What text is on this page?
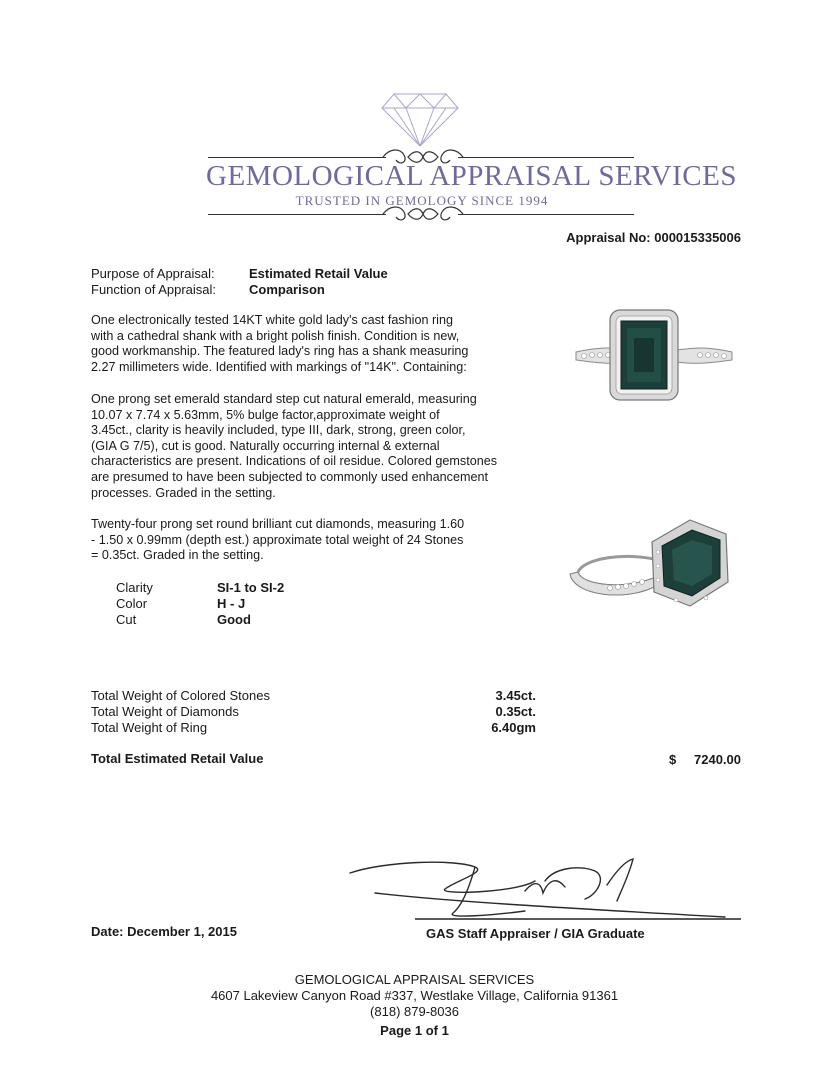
GEMOLOGICAL APPRAISAL SERVICES
TRUSTED IN GEMOLOGY SINCE 1994
Appraisal No: 000015335006
Purpose of Appraisal:	Estimated Retail Value
Function of Appraisal:	Comparison

One electronically tested 14KT white gold lady's cast fashion ring

with a cathedral shank with a bright polish finish. Condition is new,

good workmanship. The featured lady's ring has a shank measuring

2.27 millimeters wide. Identified with markings of "14K". Containing:

One prong set emerald standard step cut natural emerald, measuring

10.07 x 7.74 x 5.63mm, 5% bulge factor,approximate weight of

3.45ct., clarity is heavily included, type III, dark, strong, green color,

(GIA G 7/5), cut is good. Naturally occurring internal & external

characteristics are present. Indications of oil residue. Colored gemstones

are presumed to have been subjected to commonly used enhancement

processes. Graded in the setting.

Twenty-four prong set round brilliant cut diamonds, measuring 1.60

- 1.50 x 0.99mm (depth est.) approximate total weight of 24 Stones

= 0.35ct. Graded in the setting.

Clarity	SI-1 to SI-2
Color	H - J
Cut	Good
Total Weight of Colored Stones	3.45ct.
Total Weight of Diamonds	0.35ct.
Total Weight of Ring	6.40gm
Total Estimated Retail Value	$ 7240.00
Date: December 1, 2015	GAS Staff Appraiser / GIA Graduate
GEMOLOGICAL APPRAISAL SERVICES
4607 Lakeview Canyon Road #337, Westlake Village, California 91361
(818) 879-8036
Page 1 of 1
